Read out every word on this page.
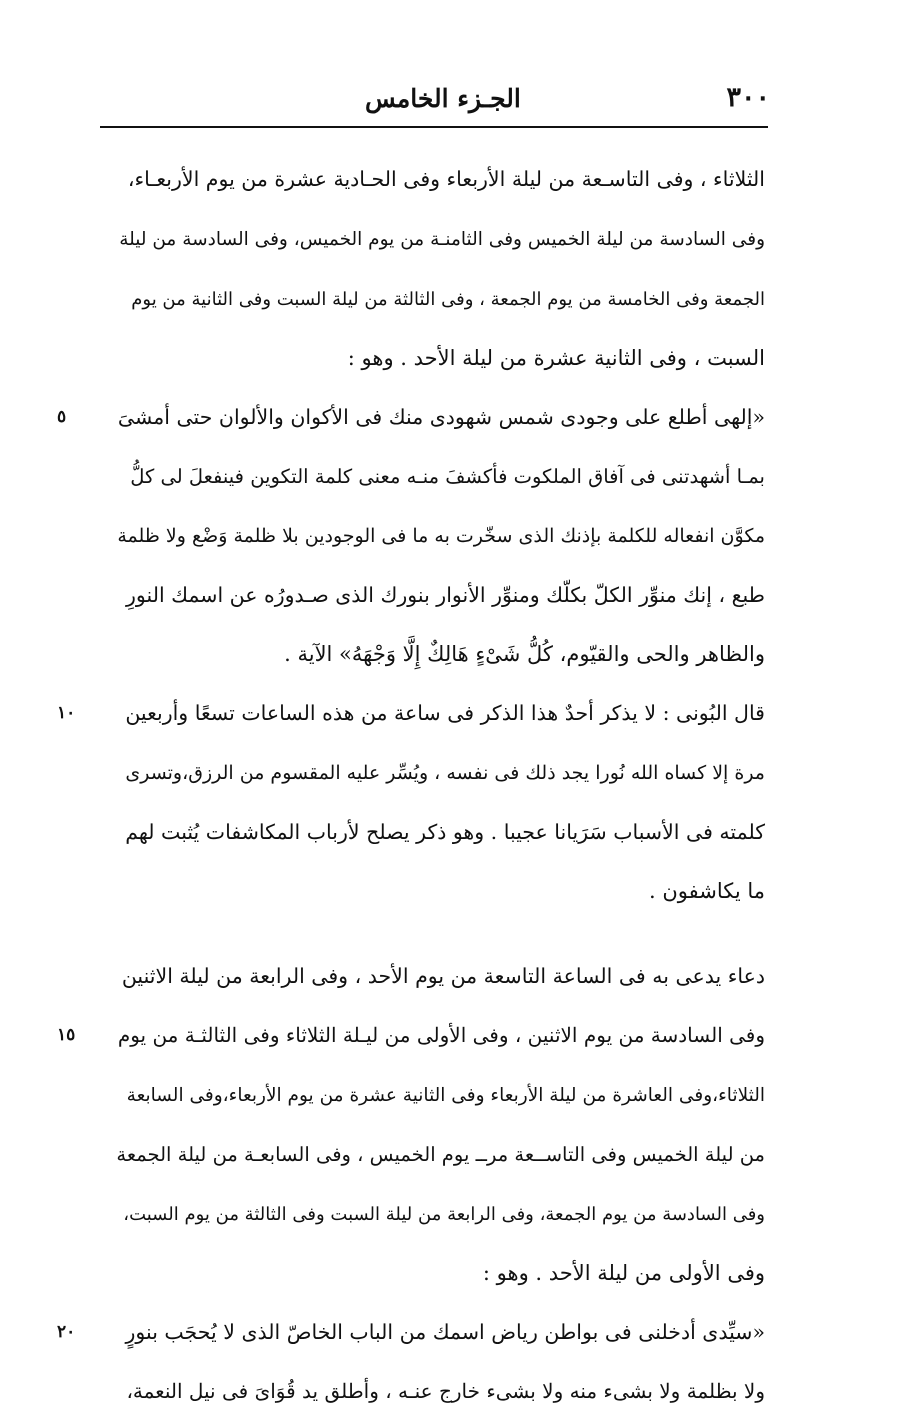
٣٠٠
الجـزء الخامس

الثلاثاء ، وفى التاسـعة من ليلة الأربعاء وفى الحـادية عشرة من يوم الأربعـاء،
وفى السادسة من ليلة الخميس وفى الثامنـة من يوم الخميس، وفى السادسة من ليلة
الجمعة وفى الخامسة من يوم الجمعة ، وفى الثالثة من ليلة السبت وفى الثانية من يوم
السبت ، وفى الثانية عشرة من ليلة الأحد . وهو :

«إلهى أطلع على وجودى شمس شهودى منك فى الأكوان والألوان حتى أمشىَ
٥
بمـا أشهدتنى فى آفاق الملكوت فأكشفَ منـه معنى كلمة التكوين فينفعلَ لى كلُّ
مكوَّن انفعاله للكلمة بإذنك الذى سخّرت به ما فى الوجودين بلا ظلمة وَضْع ولا ظلمة
طبع ، إنك منوِّر الكلّ بكلّك ومنوِّر الأنوار بنورك الذى صـدورُه عن اسمك النورِ
والظاهر والحى والقيّوم، كُلُّ شَىْءٍ هَالِكٌ إِلَّا وَجْهَهُ» الآية .

قال البُونى : لا يذكر أحدٌ هذا الذكر فى ساعة من هذه الساعات تسعًا وأربعين
١٠
مرة إلا كساه الله نُورا يجد ذلك فى نفسه ، ويُسِّر عليه المقسوم من الرزق،وتسرى
كلمته فى الأسباب سَرَيانا عجيبا . وهو ذكر يصلح لأرباب المكاشفات يُثبت لهم
ما يكاشفون .

دعاء يدعى به فى الساعة التاسعة من يوم الأحد ، وفى الرابعة من ليلة الاثنين
وفى السادسة من يوم الاثنين ، وفى الأولى من ليـلة الثلاثاء وفى الثالثـة من يوم
١٥
الثلاثاء،وفى العاشرة من ليلة الأربعاء وفى الثانية عشرة من يوم الأربعاء،وفى السابعة
من ليلة الخميس وفى التاســعة مرــ يوم الخميس ، وفى السابعـة من ليلة الجمعة
وفى السادسة من يوم الجمعة، وفى الرابعة من ليلة السبت وفى الثالثة من يوم السبت،
وفى الأولى من ليلة الأحد . وهو :

«سيِّدى أدخلنى فى بواطن رياض اسمك من الباب الخاصّ الذى لا يُحجَب بنورٍ
٢٠
ولا بظلمة ولا بشىء منه ولا بشىء خارج عنـه ، وأطلق يد قُوَاىَ فى نيل النعمة،
